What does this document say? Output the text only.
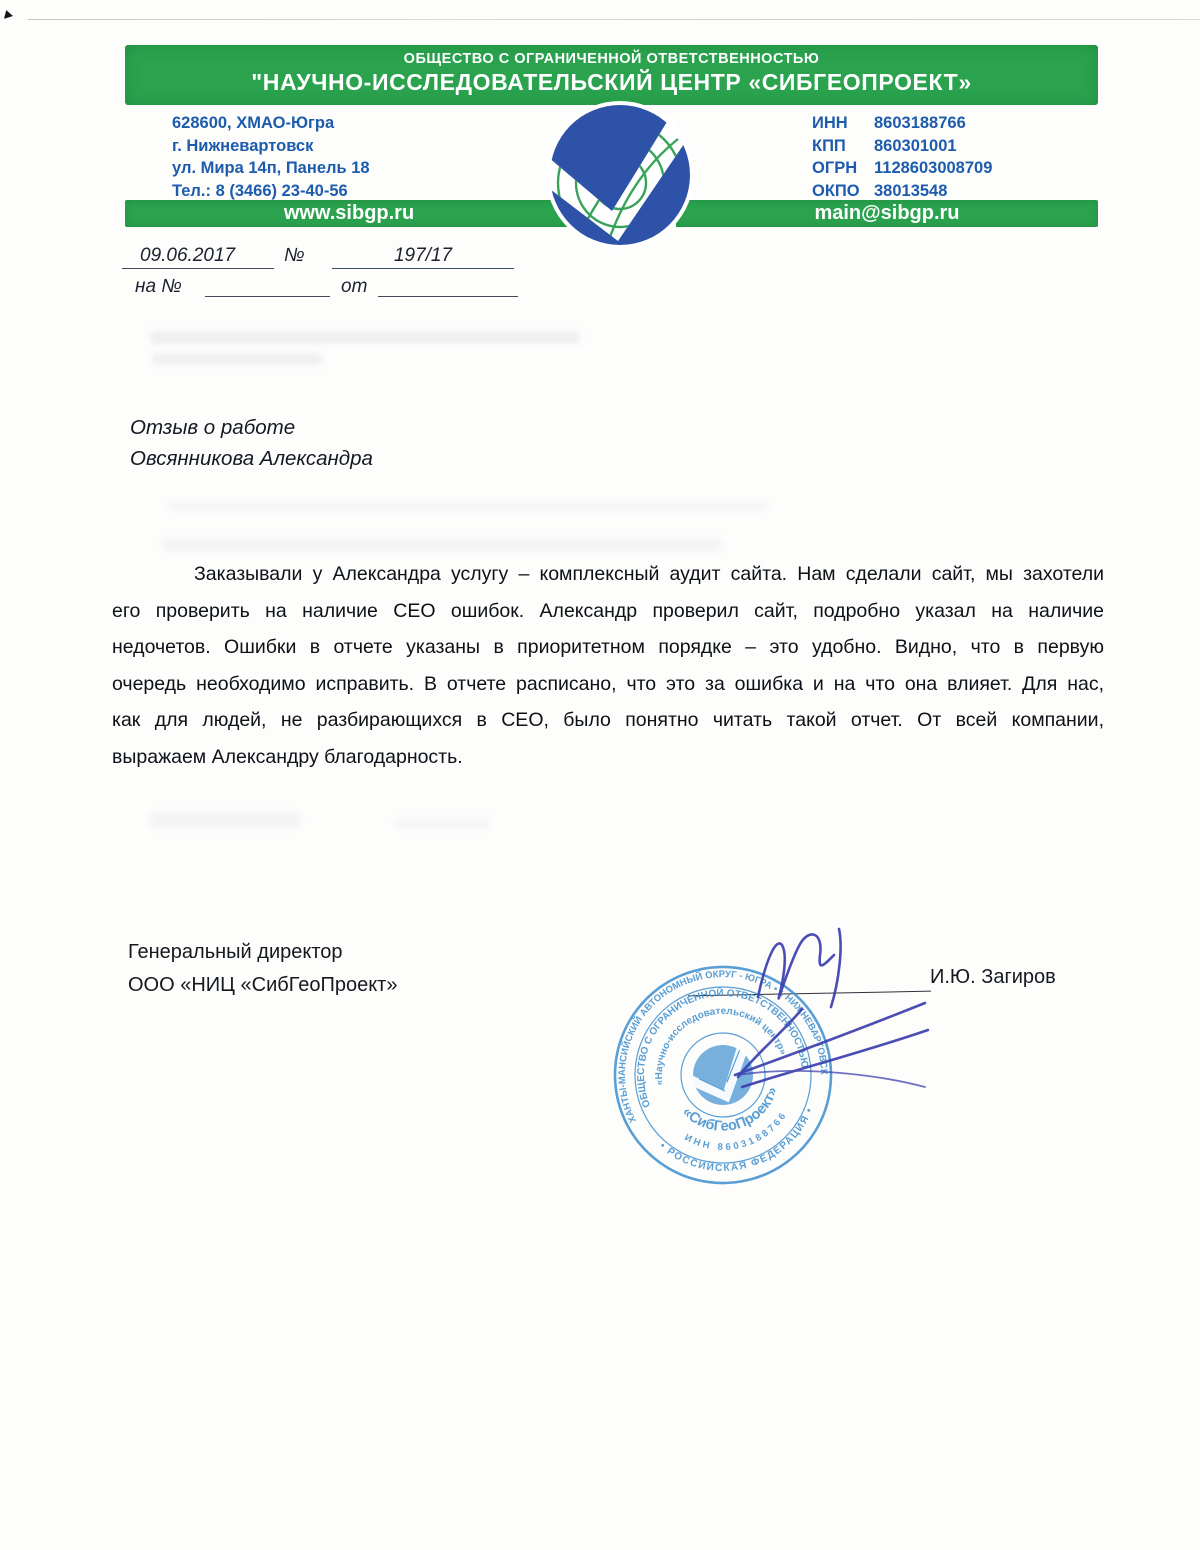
ОБЩЕСТВО С ОГРАНИЧЕННОЙ ОТВЕТСТВЕННОСТЬЮ
"НАУЧНО-ИССЛЕДОВАТЕЛЬСКИЙ ЦЕНТР «СИБГЕОПРОЕКТ»
628600, ХМАО-Югра
г. Нижневартовск
ул. Мира 14п, Панель 18
Тел.: 8 (3466) 23-40-56
ИНН	8603188766
КПП	860301001
ОГРН	1128603008709
ОКПО 38013548
www.sibgp.ru	main@sibgp.ru
09.06.2017	№	197/17
на №	от
Отзыв о работе
Овсянникова Александра
Заказывали у Александра услугу – комплексный аудит сайта. Нам сделали сайт, мы захотели
его проверить на наличие СЕО ошибок. Александр проверил сайт, подробно указал на наличие
недочетов. Ошибки в отчете указаны в приоритетном порядке – это удобно. Видно, что в первую
очередь необходимо исправить. В отчете расписано, что это за ошибка и на что она влияет. Для нас,
как для людей, не разбирающихся в СЕО, было понятно читать такой отчет. От всей компании,
выражаем Александру благодарность.
Генеральный директор
ООО «НИЦ «СибГеоПроект»	И.Ю. Загиров
ХАНТЫ-МАНСИЙСКИЙ АВТОНОМНЫЙ ОКРУГ - ЮГРА • г. НИЖНЕВАРТОВСК
• РОССИЙСКАЯ ФЕДЕРАЦИЯ •
ОБЩЕСТВО С ОГРАНИЧЕННОЙ ОТВЕТСТВЕННОСТЬЮ
«Научно-исследовательский центр»
«СибГеоПроект»
ИНН 8603188766
